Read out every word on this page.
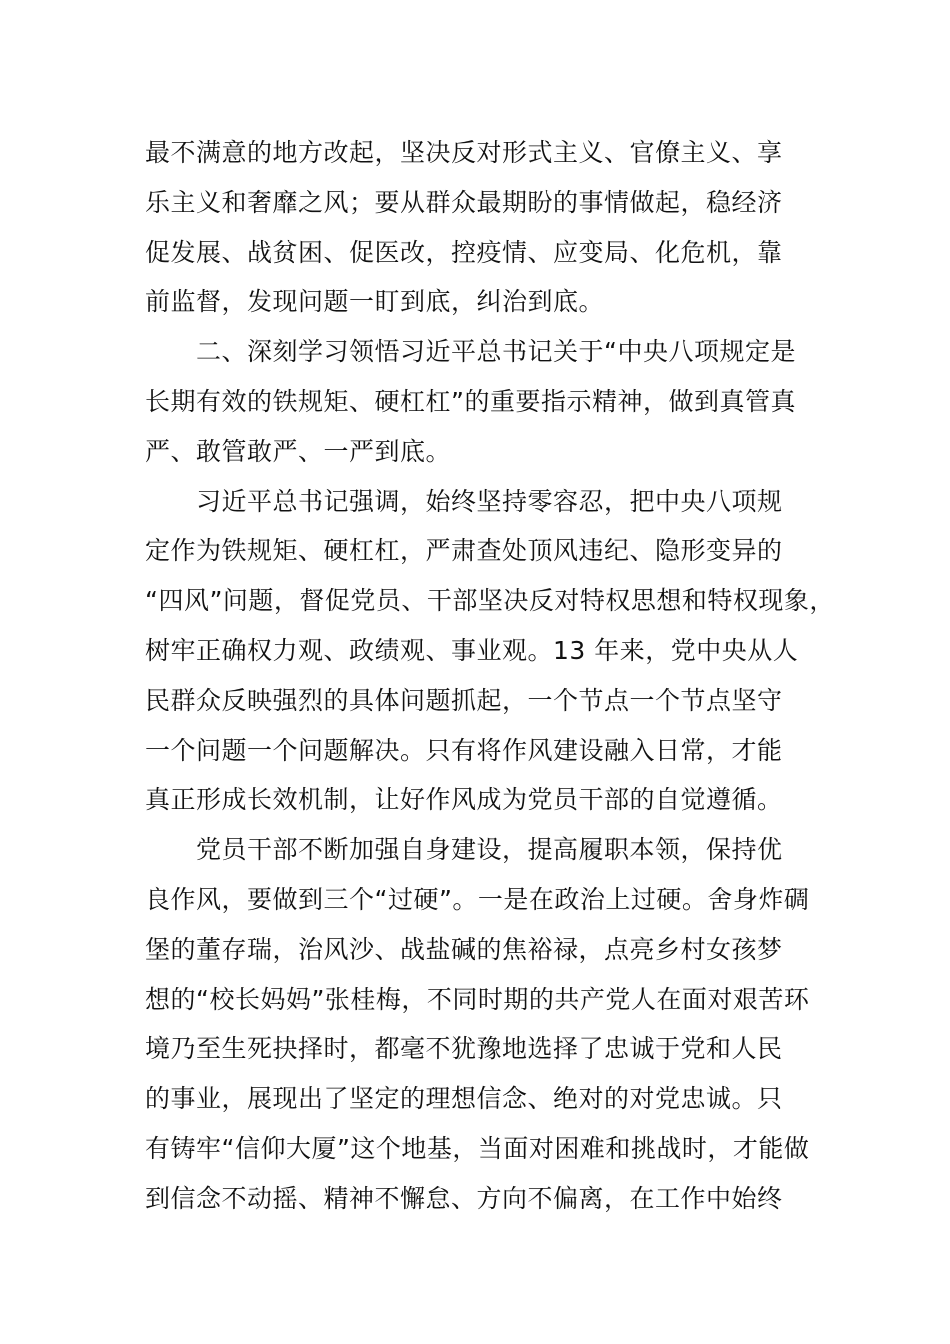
最不满意的地方改起，坚决反对形式主义、官僚主义、享
乐主义和奢靡之风；要从群众最期盼的事情做起，稳经济
促发展、战贫困、促医改，控疫情、应变局、化危机，靠
前监督，发现问题一盯到底，纠治到底。
　　二、深刻学习领悟习近平总书记关于“中央八项规定是
长期有效的铁规矩、硬杠杠”的重要指示精神，做到真管真
严、敢管敢严、一严到底。
　　习近平总书记强调，始终坚持零容忍，把中央八项规
定作为铁规矩、硬杠杠，严肃查处顶风违纪、隐形变异的
“四风”问题，督促党员、干部坚决反对特权思想和特权现象，
树牢正确权力观、政绩观、事业观。13 年来，党中央从人
民群众反映强烈的具体问题抓起，一个节点一个节点坚守
一个问题一个问题解决。只有将作风建设融入日常，才能
真正形成长效机制，让好作风成为党员干部的自觉遵循。
　　党员干部不断加强自身建设，提高履职本领，保持优
良作风，要做到三个“过硬”。一是在政治上过硬。舍身炸碉
堡的董存瑞，治风沙、战盐碱的焦裕禄，点亮乡村女孩梦
想的“校长妈妈”张桂梅，不同时期的共产党人在面对艰苦环
境乃至生死抉择时，都毫不犹豫地选择了忠诚于党和人民
的事业，展现出了坚定的理想信念、绝对的对党忠诚。只
有铸牢“信仰大厦”这个地基，当面对困难和挑战时，才能做
到信念不动摇、精神不懈怠、方向不偏离，在工作中始终
